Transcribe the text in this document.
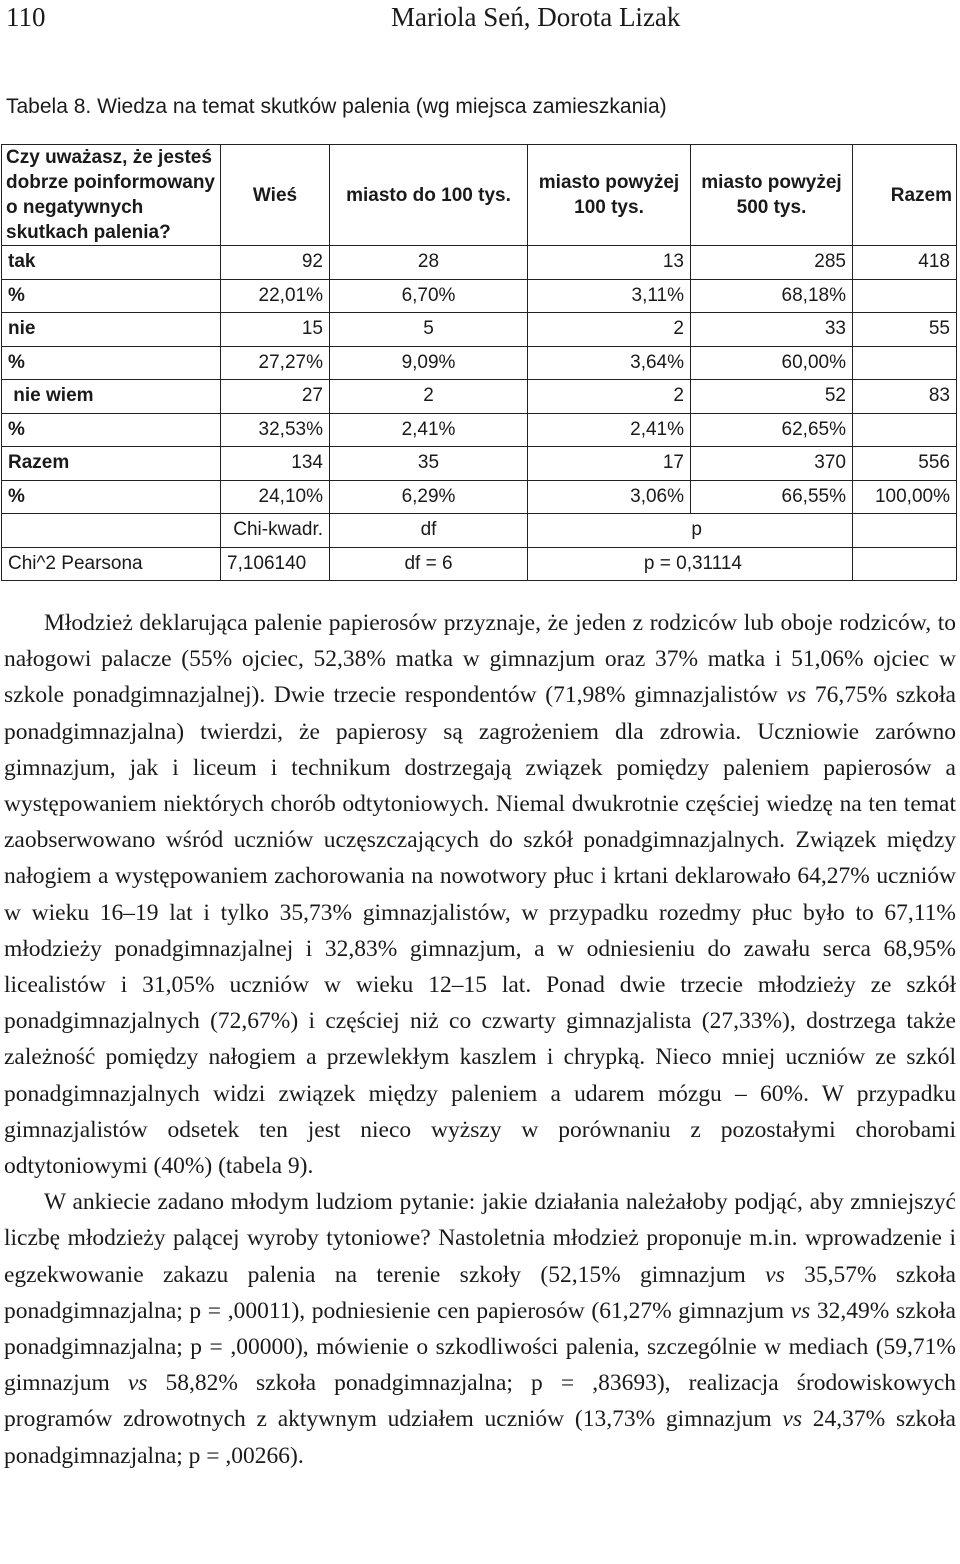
110	Mariola Seń, Dorota Lizak
Tabela 8. Wiedza na temat skutków palenia (wg miejsca zamieszkania)
Czy uważasz, że jesteś dobrze poinformowany o negatywnych skutkach palenia?	Wieś	miasto do 100 tys.	miasto powyżej 100 tys.	miasto powyżej 500 tys.	Razem
tak	92	28	13	285	418
%	22,01%	6,70%	3,11%	68,18%	
nie	15	5	2	33	55
%	27,27%	9,09%	3,64%	60,00%	
nie wiem	27	2	2	52	83
%	32,53%	2,41%	2,41%	62,65%	
Razem	134	35	17	370	556
%	24,10%	6,29%	3,06%	66,55%	100,00%
	Chi-kwadr.	df	p		
Chi^2 Pearsona	7,106140	df = 6	p = 0,31114		

Młodzież deklarująca palenie papierosów przyznaje, że jeden z rodziców lub oboje rodziców, to nałogowi palacze (55% ojciec, 52,38% matka w gimnazjum oraz 37% matka i 51,06% ojciec w szkole ponadgimnazjalnej). Dwie trzecie respondentów (71,98% gimnazjalistów vs 76,75% szkoła ponadgimnazjalna) twierdzi, że papierosy są zagrożeniem dla zdrowia. Uczniowie zarówno gimnazjum, jak i liceum i technikum dostrzegają związek pomiędzy paleniem papierosów a występowaniem niektórych chorób odtytoniowych. Niemal dwukrotnie częściej wiedzę na ten temat zaobserwowano wśród uczniów uczęszczających do szkół ponadgimnazjalnych. Związek między nałogiem a występowaniem zachorowania na nowotwory płuc i krtani deklarowało 64,27% uczniów w wieku 16–19 lat i tylko 35,73% gimnazjalistów, w przypadku rozedmy płuc było to 67,11% młodzieży ponadgimnazjalnej i 32,83% gimnazjum, a w odniesieniu do zawału serca 68,95% licealistów i 31,05% uczniów w wieku 12–15 lat. Ponad dwie trzecie młodzieży ze szkół ponadgimnazjalnych (72,67%) i częściej niż co czwarty gimnazjalista (27,33%), dostrzega także zależność pomiędzy nałogiem a przewlekłym kaszlem i chrypką. Nieco mniej uczniów ze szkól ponadgimnazjalnych widzi związek między paleniem a udarem mózgu – 60%. W przypadku gimnazjalistów odsetek ten jest nieco wyższy w porównaniu z pozostałymi chorobami odtytoniowymi (40%) (tabela 9).

W ankiecie zadano młodym ludziom pytanie: jakie działania należałoby podjąć, aby zmniejszyć liczbę młodzieży palącej wyroby tytoniowe? Nastoletnia młodzież proponuje m.in. wprowadzenie i egzekwowanie zakazu palenia na terenie szkoły (52,15% gimnazjum vs 35,57% szkoła ponadgimnazjalna; p = ,00011), podniesienie cen papierosów (61,27% gimnazjum vs 32,49% szkoła ponadgimnazjalna; p = ,00000), mówienie o szkodliwości palenia, szczególnie w mediach (59,71% gimnazjum vs 58,82% szkoła ponadgimnazjalna; p = ,83693), realizacja środowiskowych programów zdrowotnych z aktywnym udziałem uczniów (13,73% gimnazjum vs 24,37% szkoła ponadgimnazjalna; p = ,00266).
